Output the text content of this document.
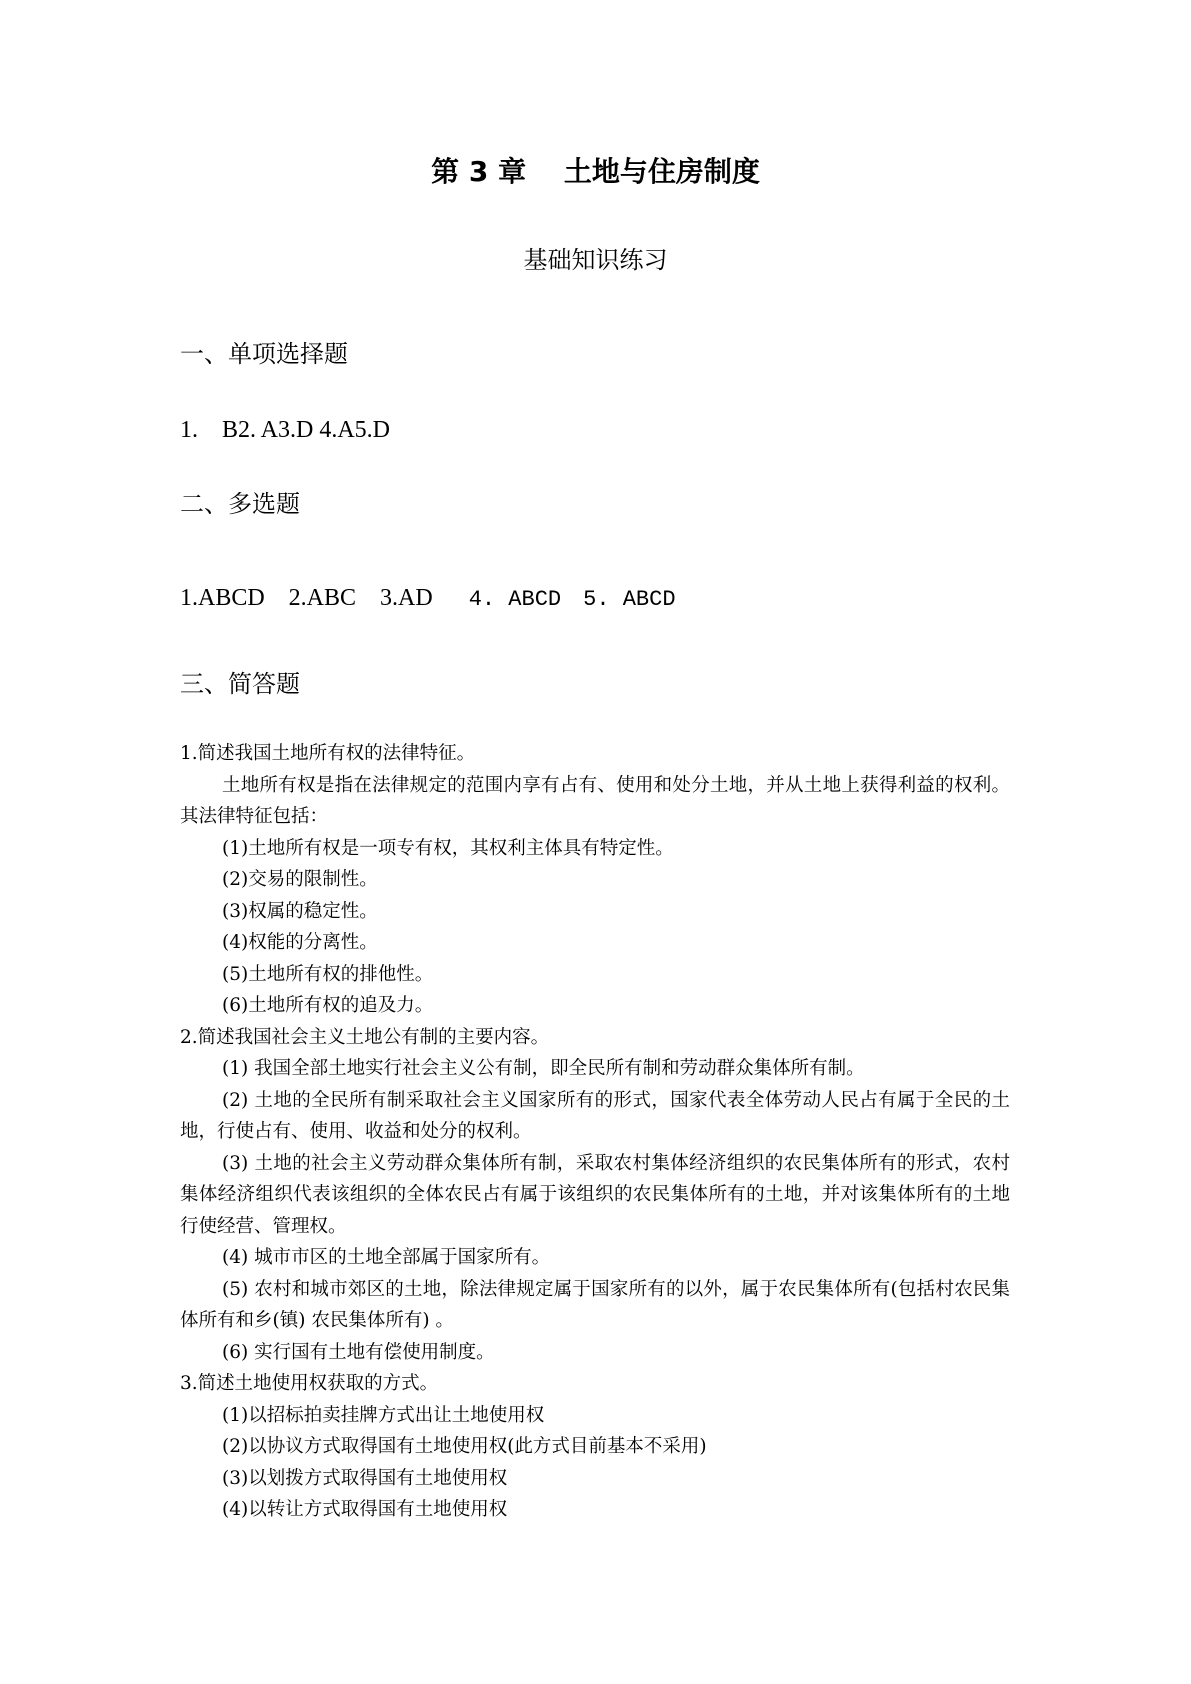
第 3 章　 土地与住房制度
基础知识练习
一、单项选择题
1.　B2. A3.D 4.A5.D
二、多选题
1.ABCD　2.ABC　3.AD 4. ABCD　5. ABCD
三、简答题

1.简述我国土地所有权的法律特征。

土地所有权是指在法律规定的范围内享有占有、使用和处分土地，并从土地上获得利益的权利。其法律特征包括：

(1)土地所有权是一项专有权，其权利主体具有特定性。

(2)交易的限制性。

(3)权属的稳定性。

(4)权能的分离性。

(5)土地所有权的排他性。

(6)土地所有权的追及力。

2.简述我国社会主义土地公有制的主要内容。

(1) 我国全部土地实行社会主义公有制，即全民所有制和劳动群众集体所有制。

(2) 土地的全民所有制采取社会主义国家所有的形式，国家代表全体劳动人民占有属于全民的土地，行使占有、使用、收益和处分的权利。

(3) 土地的社会主义劳动群众集体所有制，采取农村集体经济组织的农民集体所有的形式，农村集体经济组织代表该组织的全体农民占有属于该组织的农民集体所有的土地，并对该集体所有的土地行使经营、管理权。

(4) 城市市区的土地全部属于国家所有。

(5) 农村和城市郊区的土地，除法律规定属于国家所有的以外，属于农民集体所有(包括村农民集体所有和乡(镇) 农民集体所有) 。

(6) 实行国有土地有偿使用制度。

3.简述土地使用权获取的方式。

(1)以招标拍卖挂牌方式出让土地使用权

(2)以协议方式取得国有土地使用权(此方式目前基本不采用)

(3)以划拨方式取得国有土地使用权

(4)以转让方式取得国有土地使用权
